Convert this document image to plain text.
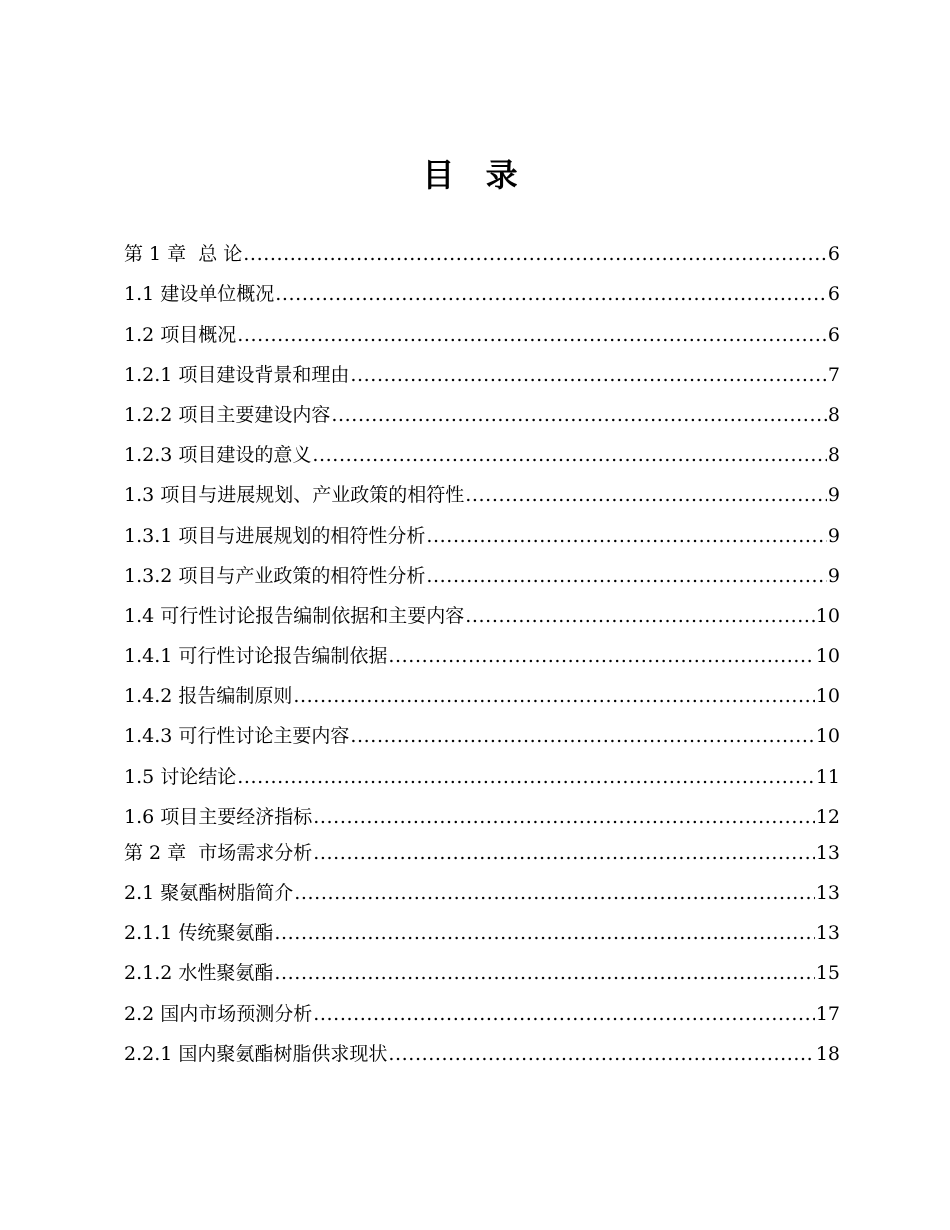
目 录
第 1 章  总 论 .....	6
1.1 建设单位概况 .....	6
1.2 项目概况 .....	6
1.2.1 项目建设背景和理由 .....	7
1.2.2 项目主要建设内容 .....	8
1.2.3 项目建设的意义 .....	8
1.3 项目与进展规划、产业政策的相符性 .....	9
1.3.1 项目与进展规划的相符性分析 .....	9
1.3.2 项目与产业政策的相符性分析 .....	9
1.4 可行性讨论报告编制依据和主要内容 .....	10
1.4.1 可行性讨论报告编制依据 .....	10
1.4.2 报告编制原则 .....	10
1.4.3 可行性讨论主要内容 .....	10
1.5 讨论结论 .....	11
1.6 项目主要经济指标 .....	12
第 2 章  市场需求分析 .....	13
2.1 聚氨酯树脂简介 .....	13
2.1.1 传统聚氨酯 .....	13
2.1.2 水性聚氨酯 .....	15
2.2 国内市场预测分析 .....	17
2.2.1 国内聚氨酯树脂供求现状 .....	18
